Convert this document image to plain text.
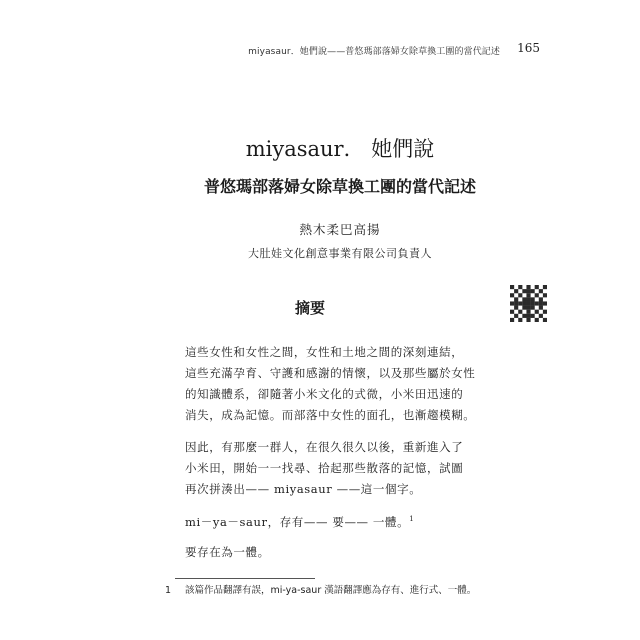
miyasaur．她們說——普悠瑪部落婦女除草換工團的當代記述 165
miyasaur． 她們說
普悠瑪部落婦女除草換工團的當代記述
熱木柔巴高揚
大肚娃文化創意事業有限公司負責人
摘要
這些女性和女性之間，女性和土地之間的深刻連結，
這些充滿孕育、守護和感謝的情懷，以及那些屬於女性
的知識體系，卻隨著小米文化的式微，小米田迅速的
消失，成為記憶。而部落中女性的面孔，也漸趨模糊。
因此，有那麼一群人，在很久很久以後，重新進入了
小米田，開始一一找尋、拾起那些散落的記憶，試圖
再次拼湊出—— miyasaur ——這一個字。
mi－ya－saur，存有—— 要—— 一體。$^1$
要存在為一體。
1 該篇作品翻譯有誤，mi-ya-saur 漢語翻譯應為存有、進行式、一體。
